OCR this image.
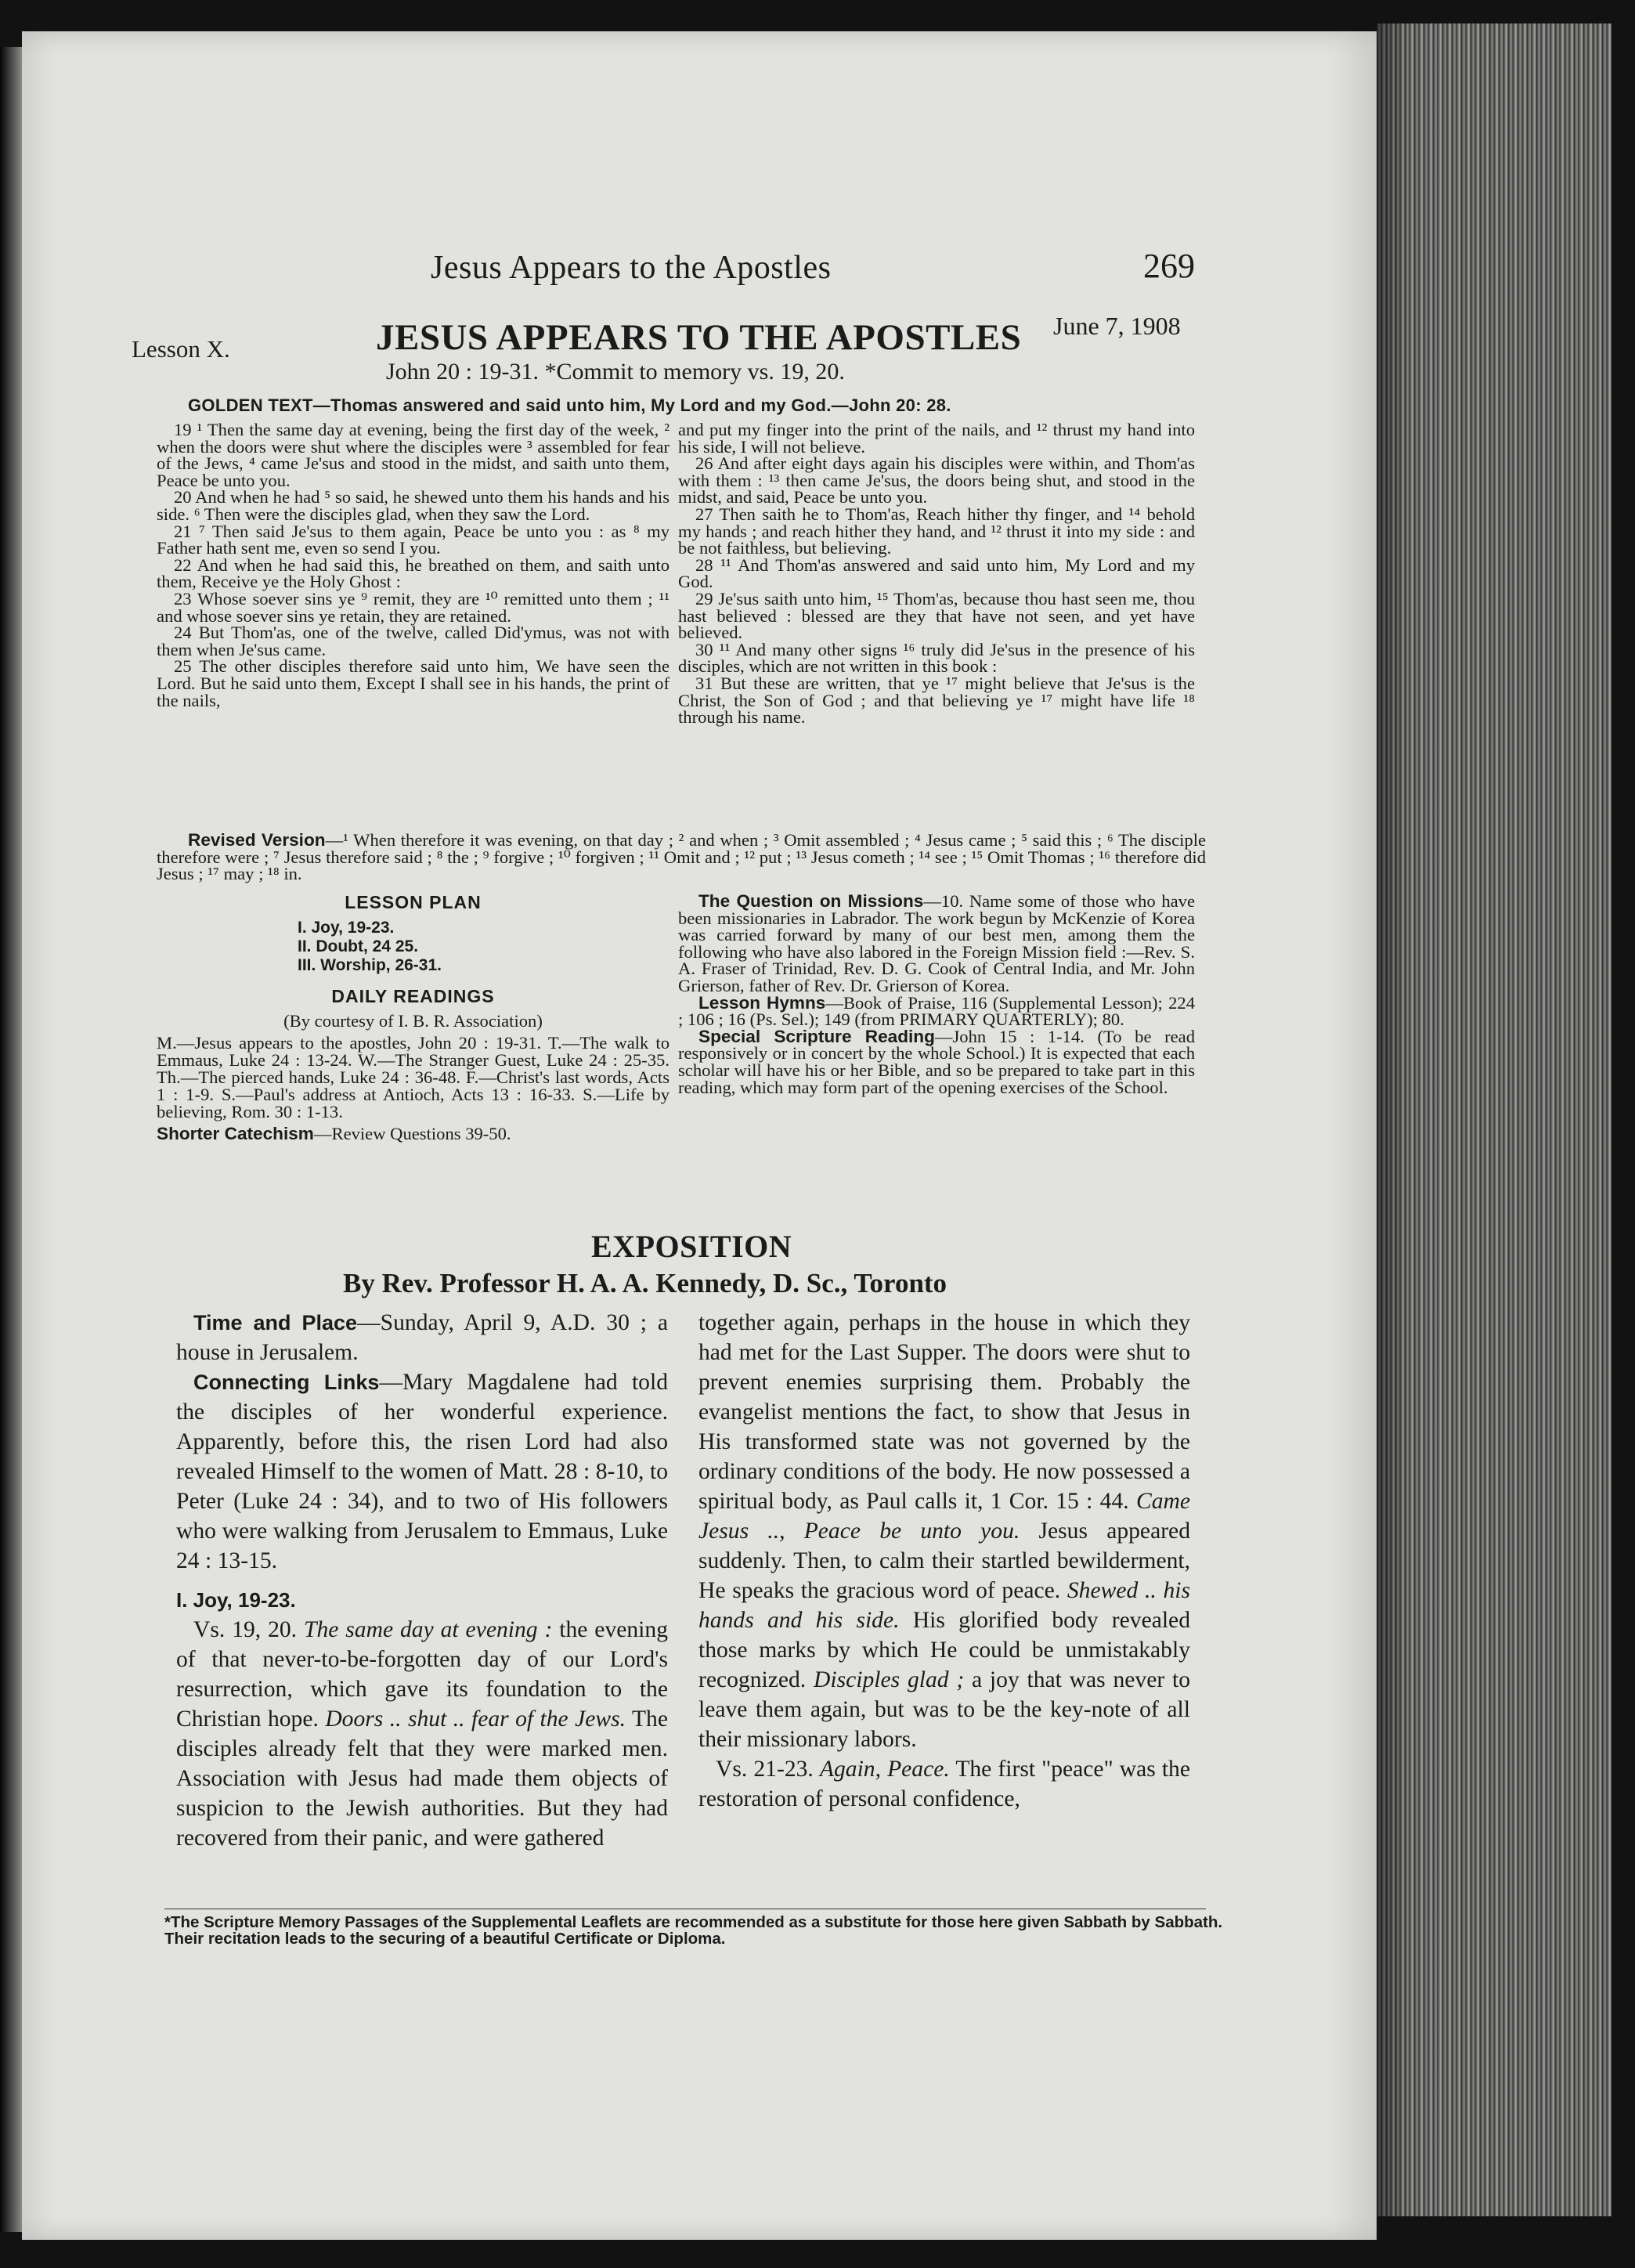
Jesus Appears to the Apostles	269
Lesson X.	JESUS APPEARS TO THE APOSTLES June 7, 1908
John 20 : 19-31. *Commit to memory vs. 19, 20.
GOLDEN TEXT—Thomas answered and said unto him, My Lord and my God.—John 20: 28.

19 ¹ Then the same day at evening, being the first day of the week, ² when the doors were shut where the disciples were ³ assembled for fear of the Jews, ⁴ came Je'sus and stood in the midst, and saith unto them, Peace be unto you.

20 And when he had ⁵ so said, he shewed unto them his hands and his side. ⁶ Then were the disciples glad, when they saw the Lord.

21 ⁷ Then said Je'sus to them again, Peace be unto you : as ⁸ my Father hath sent me, even so send I you.

22 And when he had said this, he breathed on them, and saith unto them, Receive ye the Holy Ghost :

23 Whose soever sins ye ⁹ remit, they are ¹⁰ remitted unto them ; ¹¹ and whose soever sins ye retain, they are retained.

24 But Thom'as, one of the twelve, called Did'ymus, was not with them when Je'sus came.

25 The other disciples therefore said unto him, We have seen the Lord. But he said unto them, Except I shall see in his hands, the print of the nails,

and put my finger into the print of the nails, and ¹² thrust my hand into his side, I will not believe.

26 And after eight days again his disciples were within, and Thom'as with them : ¹³ then came Je'sus, the doors being shut, and stood in the midst, and said, Peace be unto you.

27 Then saith he to Thom'as, Reach hither thy finger, and ¹⁴ behold my hands ; and reach hither they hand, and ¹² thrust it into my side : and be not faithless, but believing.

28 ¹¹ And Thom'as answered and said unto him, My Lord and my God.

29 Je'sus saith unto him, ¹⁵ Thom'as, because thou hast seen me, thou hast believed : blessed are they that have not seen, and yet have believed.

30 ¹¹ And many other signs ¹⁶ truly did Je'sus in the presence of his disciples, which are not written in this book :

31 But these are written, that ye ¹⁷ might believe that Je'sus is the Christ, the Son of God ; and that believing ye ¹⁷ might have life ¹⁸ through his name.

Revised Version—¹ When therefore it was evening, on that day ; ² and when ; ³ Omit assembled ; ⁴ Jesus came ; ⁵ said this ; ⁶ The disciple therefore were ; ⁷ Jesus therefore said ; ⁸ the ; ⁹ forgive ; ¹⁰ forgiven ; ¹¹ Omit and ; ¹² put ; ¹³ Jesus cometh ; ¹⁴ see ; ¹⁵ Omit Thomas ; ¹⁶ therefore did Jesus ; ¹⁷ may ; ¹⁸ in.
LESSON PLAN
I. Joy, 19-23.
II. Doubt, 24 25.
III. Worship, 26-31.
DAILY READINGS
(By courtesy of I. B. R. Association)
M.—Jesus appears to the apostles, John 20 : 19-31. T.—The walk to Emmaus, Luke 24 : 13-24. W.—The Stranger Guest, Luke 24 : 25-35. Th.—The pierced hands, Luke 24 : 36-48. F.—Christ's last words, Acts 1 : 1-9. S.—Paul's address at Antioch, Acts 13 : 16-33. S.—Life by believing, Rom. 30 : 1-13.
Shorter Catechism—Review Questions 39-50.

The Question on Missions—10. Name some of those who have been missionaries in Labrador. The work begun by McKenzie of Korea was carried forward by many of our best men, among them the following who have also labored in the Foreign Mission field :—Rev. S. A. Fraser of Trinidad, Rev. D. G. Cook of Central India, and Mr. John Grierson, father of Rev. Dr. Grierson of Korea.

Lesson Hymns—Book of Praise, 116 (Supplemental Lesson); 224 ; 106 ; 16 (Ps. Sel.); 149 (from PRIMARY QUARTERLY); 80.

Special Scripture Reading—John 15 : 1-14. (To be read responsively or in concert by the whole School.) It is expected that each scholar will have his or her Bible, and so be prepared to take part in this reading, which may form part of the opening exercises of the School.

EXPOSITION
By Rev. Professor H. A. A. Kennedy, D. Sc., Toronto

Time and Place—Sunday, April 9, A.D. 30 ; a house in Jerusalem.

Connecting Links—Mary Magdalene had told the disciples of her wonderful experience. Apparently, before this, the risen Lord had also revealed Himself to the women of Matt. 28 : 8-10, to Peter (Luke 24 : 34), and to two of His followers who were walking from Jerusalem to Emmaus, Luke 24 : 13-15.

I. Joy, 19-23.

Vs. 19, 20. The same day at evening : the evening of that never-to-be-forgotten day of our Lord's resurrection, which gave its foundation to the Christian hope. Doors .. shut .. fear of the Jews. The disciples already felt that they were marked men. Association with Jesus had made them objects of suspicion to the Jewish authorities. But they had recovered from their panic, and were gathered

together again, perhaps in the house in which they had met for the Last Supper. The doors were shut to prevent enemies surprising them. Probably the evangelist mentions the fact, to show that Jesus in His transformed state was not governed by the ordinary conditions of the body. He now possessed a spiritual body, as Paul calls it, 1 Cor. 15 : 44. Came Jesus .., Peace be unto you. Jesus appeared suddenly. Then, to calm their startled bewilderment, He speaks the gracious word of peace. Shewed .. his hands and his side. His glorified body revealed those marks by which He could be unmistakably recognized. Disciples glad ; a joy that was never to leave them again, but was to be the key-note of all their missionary labors.

Vs. 21-23. Again, Peace. The first "peace" was the restoration of personal confidence,

*The Scripture Memory Passages of the Supplemental Leaflets are recommended as a substitute for those here given Sabbath by Sabbath. Their recitation leads to the securing of a beautiful Certificate or Diploma.
